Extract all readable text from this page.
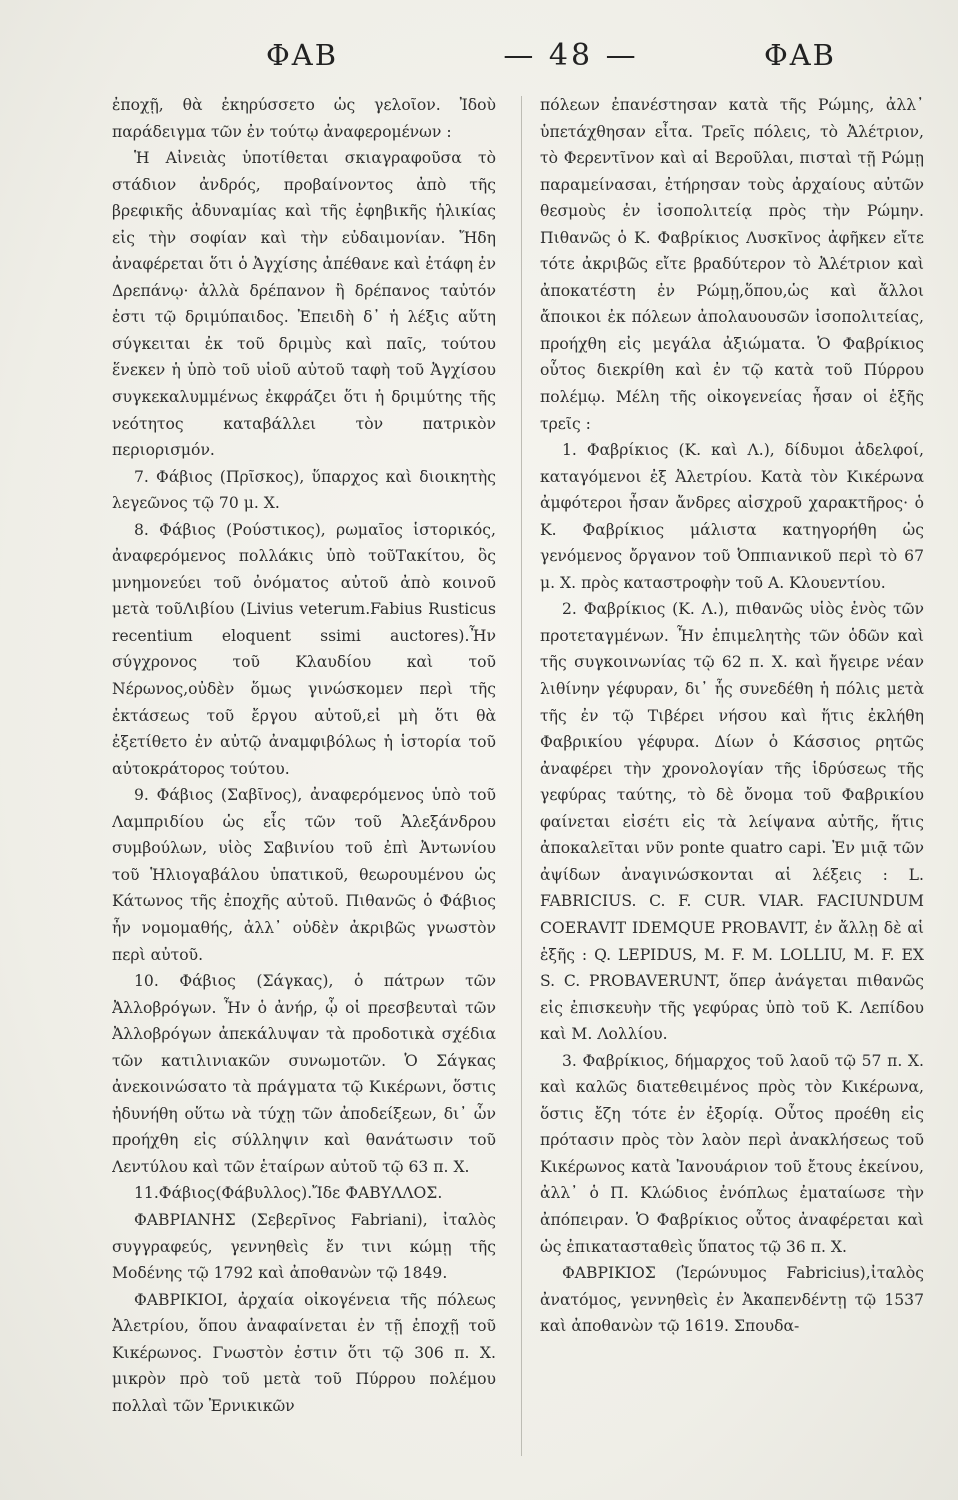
ΦΑΒ	— 48 —	ΦΑΒ

ἐποχῇ, θὰ ἐκηρύσσετο ὡς γελοῖον. Ἰδοὺ παράδειγμα τῶν ἐν τούτῳ ἀναφερομένων :

Ἡ Αἰνειὰς ὑποτίθεται σκιαγραφοῦσα τὸ στάδιον ἀνδρός, προβαίνοντος ἀπὸ τῆς βρεφικῆς ἀδυναμίας καὶ τῆς ἐφηβικῆς ἡλικίας εἰς τὴν σοφίαν καὶ τὴν εὐδαιμονίαν. Ἤδη ἀναφέρεται ὅτι ὁ Ἀγχίσης ἀπέθανε καὶ ἐτάφη ἐν Δρεπάνῳ· ἀλλὰ δρέπανον ἢ δρέπανος ταὐτόν ἐστι τῷ δριμύπαιδος. Ἐπειδὴ δ᾽ ἡ λέξις αὕτη σύγκειται ἐκ τοῦ δριμὺς καὶ παῖς, τούτου ἕνεκεν ἡ ὑπὸ τοῦ υἱοῦ αὐτοῦ ταφὴ τοῦ Ἀγχίσου συγκεκαλυμμένως ἐκφράζει ὅτι ἡ δριμύτης τῆς νεότητος καταβάλλει τὸν πατρικὸν περιορισμόν.

7. Φάβιος (Πρῖσκος), ὕπαρχος καὶ διοικητὴς λεγεῶνος τῷ 70 μ. Χ.

8. Φάβιος (Ρούστικος), ρωμαῖος ἱστορικός, ἀναφερόμενος πολλάκις ὑπὸ τοῦΤακίτου, ὃς μνημονεύει τοῦ ὀνόματος αὐτοῦ ἀπὸ κοινοῦ μετὰ τοῦΛιβίου (Livius veterum.Fabius Rusticus recentium eloquent ssimi auctores).Ἦν σύγχρονος τοῦ Κλαυδίου καὶ τοῦ Νέρωνος,οὐδὲν ὅμως γινώσκομεν περὶ τῆς ἐκτάσεως τοῦ ἔργου αὐτοῦ,εἰ μὴ ὅτι θὰ ἐξετίθετο ἐν αὐτῷ ἀναμφιβόλως ἡ ἱστορία τοῦ αὐτοκράτορος τούτου.

9. Φάβιος (Σαβῖνος), ἀναφερόμενος ὑπὸ τοῦ Λαμπριδίου ὡς εἷς τῶν τοῦ Ἀλεξάνδρου συμβούλων, υἱὸς Σαβινίου τοῦ ἐπὶ Ἀντωνίου τοῦ Ἡλιογαβάλου ὑπατικοῦ, θεωρουμένου ὡς Κάτωνος τῆς ἐποχῆς αὐτοῦ. Πιθανῶς ὁ Φάβιος ἦν νομομαθής, ἀλλ᾽ οὐδὲν ἀκριβῶς γνωστὸν περὶ αὐτοῦ.

10. Φάβιος (Σάγκας), ὁ πάτρων τῶν Ἀλλοβρόγων. Ἦν ὁ ἀνήρ, ᾧ οἱ πρεσβευταὶ τῶν Ἀλλοβρόγων ἀπεκάλυψαν τὰ προδοτικὰ σχέδια τῶν κατιλινιακῶν συνωμοτῶν. Ὁ Σάγκας ἀνεκοινώσατο τὰ πράγματα τῷ Κικέρωνι, ὅστις ἠδυνήθη οὕτω νὰ τύχῃ τῶν ἀποδείξεων, δι᾽ ὧν προήχθη εἰς σύλληψιν καὶ θανάτωσιν τοῦ Λεντύλου καὶ τῶν ἑταίρων αὐτοῦ τῷ 63 π. Χ.

11.Φάβιος(Φάβυλλος).Ἴδε ΦΑΒΥΛΛΟΣ.

ΦΑΒΡΙΑΝΗΣ (Σεβερῖνος Fabriani), ἰταλὸς συγγραφεύς, γεννηθεὶς ἔν τινι κώμῃ τῆς Μοδένης τῷ 1792 καὶ ἀποθανὼν τῷ 1849.

ΦΑΒΡΙΚΙΟΙ, ἀρχαία οἰκογένεια τῆς πόλεως Ἀλετρίου, ὅπου ἀναφαίνεται ἐν τῇ ἐποχῇ τοῦ Κικέρωνος. Γνωστὸν ἐστιν ὅτι τῷ 306 π. Χ. μικρὸν πρὸ τοῦ μετὰ τοῦ Πύρρου πολέμου πολλαὶ τῶν Ἐρνικικῶν

πόλεων ἐπανέστησαν κατὰ τῆς Ρώμης, ἀλλ᾽ ὑπετάχθησαν εἶτα. Τρεῖς πόλεις, τὸ Ἀλέτριον, τὸ Φερεντῖνον καὶ αἱ Βεροῦλαι, πισταὶ τῇ Ρώμῃ παραμείνασαι, ἐτήρησαν τοὺς ἀρχαίους αὐτῶν θεσμοὺς ἐν ἰσοπολιτείᾳ πρὸς τὴν Ρώμην. Πιθανῶς ὁ Κ. Φαβρίκιος Λυσκῖνος ἀφῆκεν εἴτε τότε ἀκριβῶς εἴτε βραδύτερον τὸ Ἀλέτριον καὶ ἀποκατέστη ἐν Ρώμῃ,ὅπου,ὡς καὶ ἄλλοι ἄποικοι ἐκ πόλεων ἀπολαυουσῶν ἰσοπολιτείας, προήχθη εἰς μεγάλα ἀξιώματα. Ὁ Φαβρίκιος οὗτος διεκρίθη καὶ ἐν τῷ κατὰ τοῦ Πύρρου πολέμῳ. Μέλη τῆς οἰκογενείας ἦσαν οἱ ἑξῆς τρεῖς :

1. Φαβρίκιος (Κ. καὶ Λ.), δίδυμοι ἀδελφοί, καταγόμενοι ἐξ Ἀλετρίου. Κατὰ τὸν Κικέρωνα ἀμφότεροι ἦσαν ἄνδρες αἰσχροῦ χαρακτῆρος· ὁ Κ. Φαβρίκιος μάλιστα κατηγορήθη ὡς γενόμενος ὄργανον τοῦ Ὀππιανικοῦ περὶ τὸ 67 μ. Χ. πρὸς καταστροφὴν τοῦ Α. Κλουεντίου.

2. Φαβρίκιος (Κ. Λ.), πιθανῶς υἱὸς ἑνὸς τῶν προτεταγμένων. Ἦν ἐπιμελητὴς τῶν ὁδῶν καὶ τῆς συγκοινωνίας τῷ 62 π. Χ. καὶ ἤγειρε νέαν λιθίνην γέφυραν, δι᾽ ἧς συνεδέθη ἡ πόλις μετὰ τῆς ἐν τῷ Τιβέρει νήσου καὶ ἥτις ἐκλήθη Φαβρικίου γέφυρα. Δίων ὁ Κάσσιος ρητῶς ἀναφέρει τὴν χρονολογίαν τῆς ἱδρύσεως τῆς γεφύρας ταύτης, τὸ δὲ ὄνομα τοῦ Φαβρικίου φαίνεται εἰσέτι εἰς τὰ λείψανα αὐτῆς, ἥτις ἀποκαλεῖται νῦν ponte quatro capi. Ἐν μιᾷ τῶν ἀψίδων ἀναγινώσκονται αἱ λέξεις : L. FABRICIUS. C. F. CUR. VIAR. FACIUNDUM COERAVIT IDEMQUE PROBAVIT, ἐν ἄλλῃ δὲ αἱ ἑξῆς : Q. LEPIDUS, M. F. M. LOLLIU, M. F. EX S. C. PROBAVERUNT, ὅπερ ἀνάγεται πιθανῶς εἰς ἐπισκευὴν τῆς γεφύρας ὑπὸ τοῦ Κ. Λεπίδου καὶ Μ. Λολλίου.

3. Φαβρίκιος, δήμαρχος τοῦ λαοῦ τῷ 57 π. Χ. καὶ καλῶς διατεθειμένος πρὸς τὸν Κικέρωνα, ὅστις ἔζη τότε ἐν ἐξορίᾳ. Οὗτος προέθη εἰς πρότασιν πρὸς τὸν λαὸν περὶ ἀνακλήσεως τοῦ Κικέρωνος κατὰ Ἰανουάριον τοῦ ἔτους ἐκείνου, ἀλλ᾽ ὁ Π. Κλώδιος ἐνόπλως ἐματαίωσε τὴν ἀπόπειραν. Ὁ Φαβρίκιος οὗτος ἀναφέρεται καὶ ὡς ἐπικατασταθεὶς ὕπατος τῷ 36 π. Χ.

ΦΑΒΡΙΚΙΟΣ (Ἱερώνυμος Fabricius),ἰταλὸς ἀνατόμος, γεννηθεὶς ἐν Ἀκαπενδέντῃ τῷ 1537 καὶ ἀποθανὼν τῷ 1619. Σπουδα-
